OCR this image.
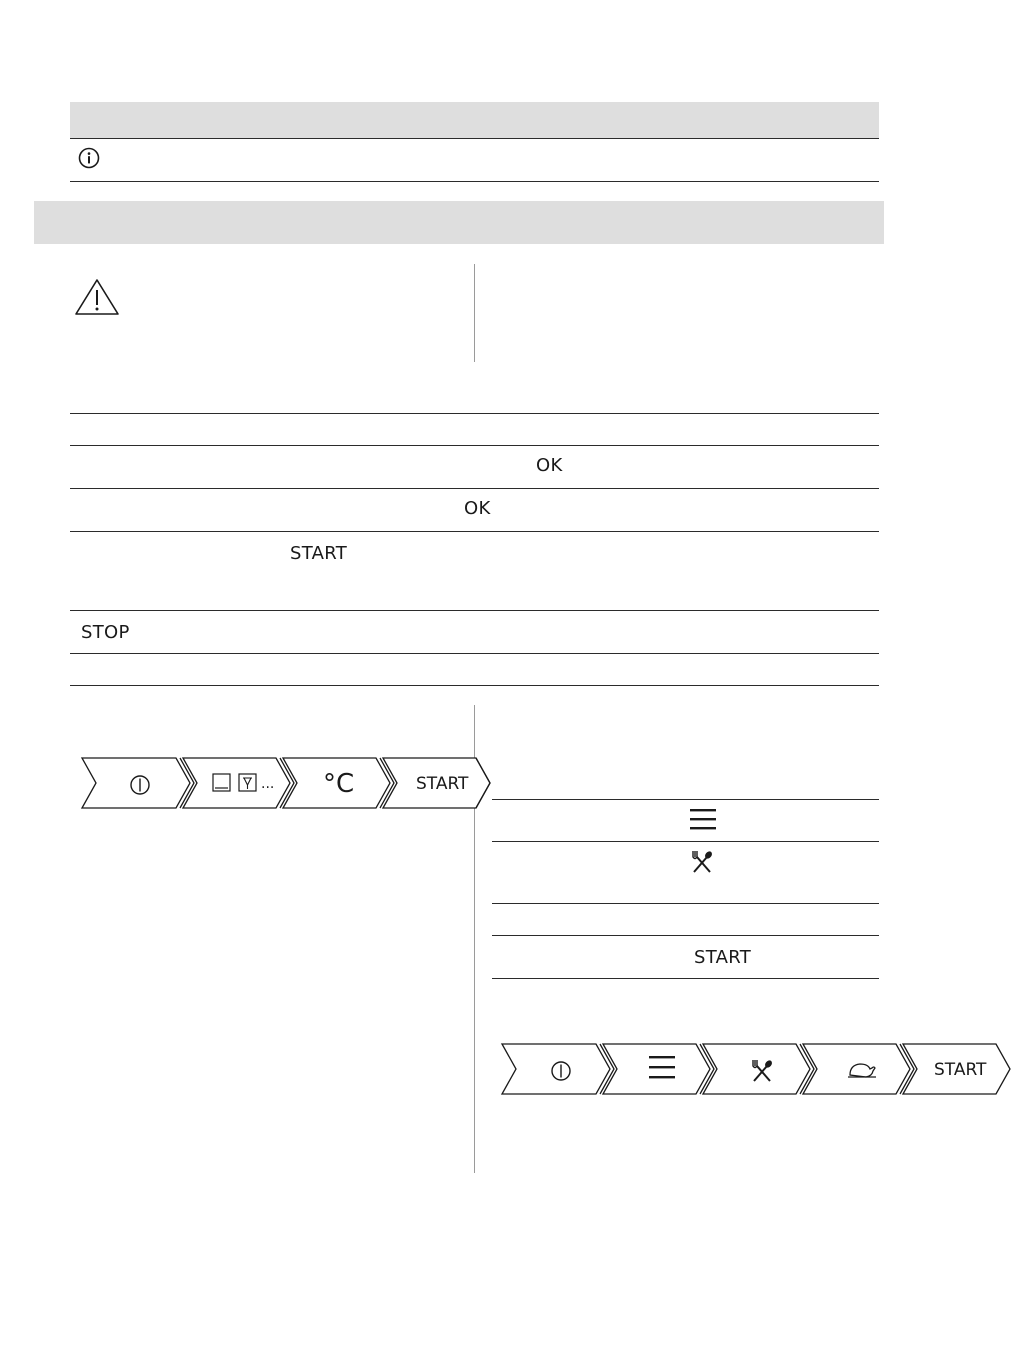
OK
OK
START
STOP
... °C	START
START
START
